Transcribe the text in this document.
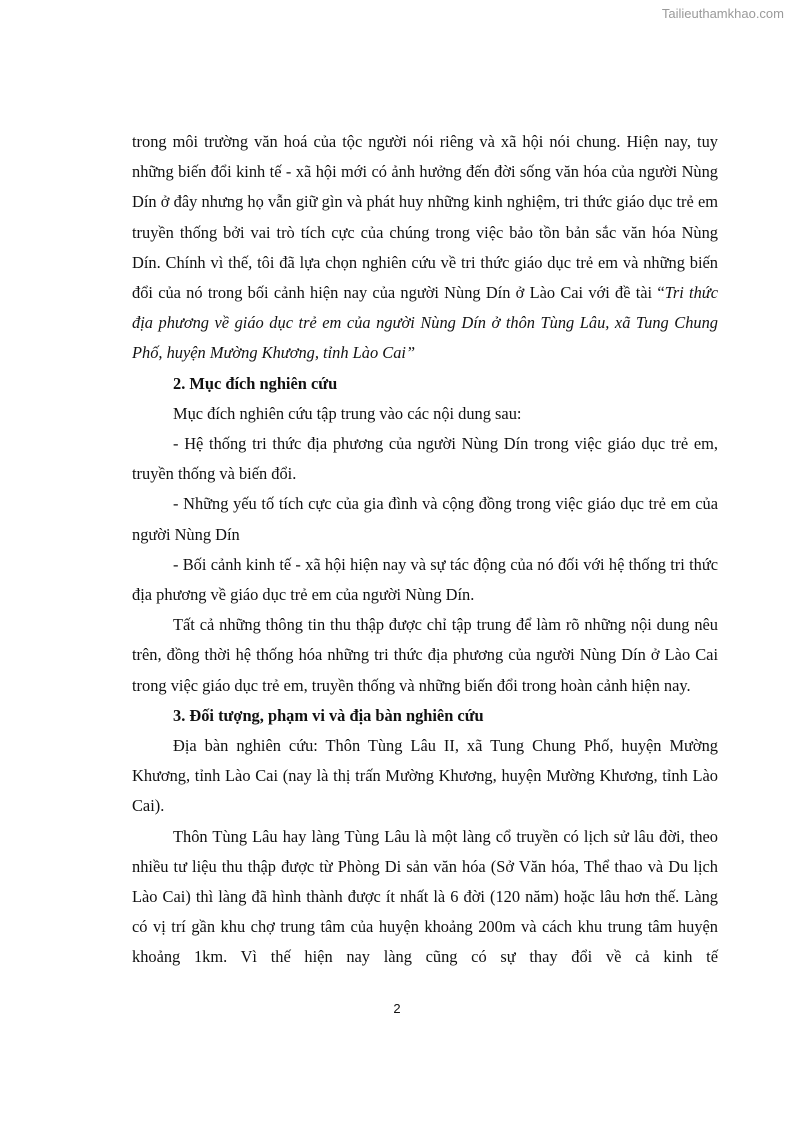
Tailieuthamkhao.com

trong môi trường văn hoá của tộc người nói riêng và xã hội nói chung. Hiện nay, tuy những biến đổi kinh tế - xã hội mới có ảnh hưởng đến đời sống văn hóa của người Nùng Dín ở đây nhưng họ vẫn giữ gìn và phát huy những kinh nghiệm, tri thức giáo dục trẻ em truyền thống bởi vai trò tích cực của chúng trong việc bảo tồn bản sắc văn hóa Nùng Dín. Chính vì thế, tôi đã lựa chọn nghiên cứu về tri thức giáo dục trẻ em và những biến đổi của nó trong bối cảnh hiện nay của người Nùng Dín ở Lào Cai với đề tài “Tri thức địa phương về giáo dục trẻ em của người Nùng Dín ở thôn Tùng Lâu, xã Tung Chung Phố, huyện Mường Khương, tỉnh Lào Cai”

2. Mục đích nghiên cứu

Mục đích nghiên cứu tập trung vào các nội dung sau:

- Hệ thống tri thức địa phương của người Nùng Dín trong việc giáo dục trẻ em, truyền thống và biến đổi.

- Những yếu tố tích cực của gia đình và cộng đồng trong việc giáo dục trẻ em của người Nùng Dín

- Bối cảnh kinh tế - xã hội hiện nay và sự tác động của nó đối với hệ thống tri thức địa phương về giáo dục trẻ em của người Nùng Dín.

Tất cả những thông tin thu thập được chỉ tập trung để làm rõ những nội dung nêu trên, đồng thời hệ thống hóa những tri thức địa phương của người Nùng Dín ở Lào Cai trong việc giáo dục trẻ em, truyền thống và những biến đổi trong hoàn cảnh hiện nay.

3. Đối tượng, phạm vi và địa bàn nghiên cứu

Địa bàn nghiên cứu: Thôn Tùng Lâu II, xã Tung Chung Phố, huyện Mường Khương, tỉnh Lào Cai (nay là thị trấn Mường Khương, huyện Mường Khương, tỉnh Lào Cai).

Thôn Tùng Lâu hay làng Tùng Lâu là một làng cổ truyền có lịch sử lâu đời, theo nhiều tư liệu thu thập được từ Phòng Di sản văn hóa (Sở Văn hóa, Thể thao và Du lịch Lào Cai) thì làng đã hình thành được ít nhất là 6 đời (120 năm) hoặc lâu hơn thế. Làng có vị trí gần khu chợ trung tâm của huyện khoảng 200m và cách khu trung tâm huyện khoảng 1km. Vì thế hiện nay làng cũng có sự thay đổi về cả kinh tế

2
